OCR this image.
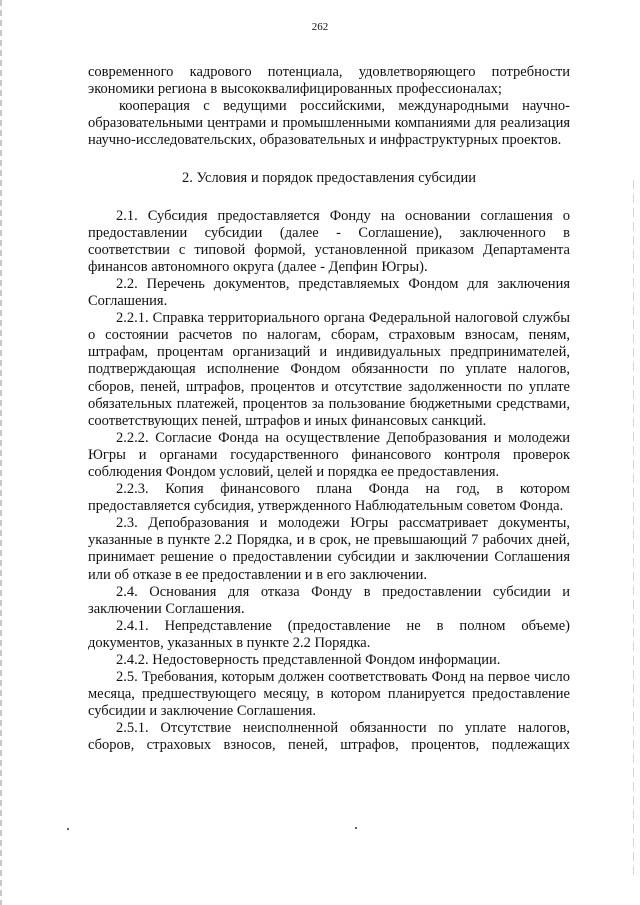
262

современного кадрового потенциала, удовлетворяющего потребности экономики региона в высококвалифицированных профессионалах;

кооперация с ведущими российскими, международными научно-образовательными центрами и промышленными компаниями для реализация научно-исследовательских, образовательных и инфраструктурных проектов.

2. Условия и порядок предоставления субсидии

2.1. Субсидия предоставляется Фонду на основании соглашения о предоставлении субсидии (далее - Соглашение), заключенного в соответствии с типовой формой, установленной приказом Департамента финансов автономного округа (далее - Депфин Югры).

2.2. Перечень документов, представляемых Фондом для заключения Соглашения.

2.2.1. Справка территориального органа Федеральной налоговой службы о состоянии расчетов по налогам, сборам, страховым взносам, пеням, штрафам, процентам организаций и индивидуальных предпринимателей, подтверждающая исполнение Фондом обязанности по уплате налогов, сборов, пеней, штрафов, процентов и отсутствие задолженности по уплате обязательных платежей, процентов за пользование бюджетными средствами, соответствующих пеней, штрафов и иных финансовых санкций.

2.2.2. Согласие Фонда на осуществление Депобразования и молодежи Югры и органами государственного финансового контроля проверок соблюдения Фондом условий, целей и порядка ее предоставления.

2.2.3. Копия финансового плана Фонда на год, в котором предоставляется субсидия, утвержденного Наблюдательным советом Фонда.

2.3. Депобразования и молодежи Югры рассматривает документы, указанные в пункте 2.2 Порядка, и в срок, не превышающий 7 рабочих дней, принимает решение о предоставлении субсидии и заключении Соглашения или об отказе в ее предоставлении и в его заключении.

2.4. Основания для отказа Фонду в предоставлении субсидии и заключении Соглашения.

2.4.1. Непредставление (предоставление не в полном объеме) документов, указанных в пункте 2.2 Порядка.

2.4.2. Недостоверность представленной Фондом информации.

2.5. Требования, которым должен соответствовать Фонд на первое число месяца, предшествующего месяцу, в котором планируется предоставление субсидии и заключение Соглашения.

2.5.1. Отсутствие неисполненной обязанности по уплате налогов, сборов, страховых взносов, пеней, штрафов, процентов, подлежащих
